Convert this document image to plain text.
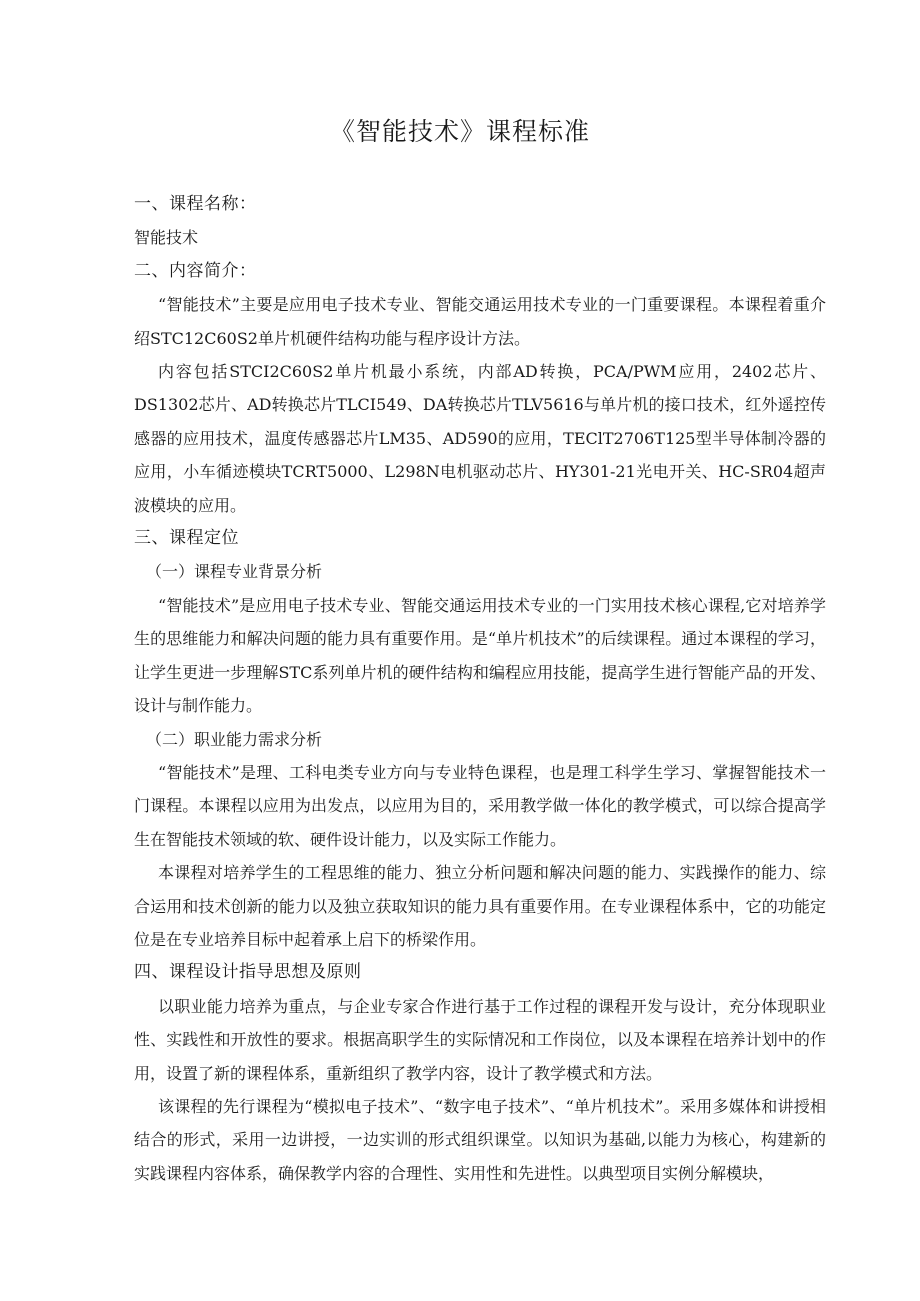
《智能技术》课程标准

一、课程名称：

智能技术

二、内容简介：

“智能技术”主要是应用电子技术专业、智能交通运用技术专业的一门重要课程。本课程着重介绍STC12C60S2单片机硬件结构功能与程序设计方法。

内容包括STCI2C60S2单片机最小系统，内部AD转换，PCA/PWM应用，2402芯片、DS1302芯片、AD转换芯片TLCI549、DA转换芯片TLV5616与单片机的接口技术，红外遥控传感器的应用技术，温度传感器芯片LM35、AD590的应用，TEClT2706T125型半导体制冷器的应用，小车循迹模块TCRT5000、L298N电机驱动芯片、HY301-21光电开关、HC-SR04超声波模块的应用。

三、课程定位

（一）课程专业背景分析

“智能技术”是应用电子技术专业、智能交通运用技术专业的一门实用技术核心课程,它对培养学生的思维能力和解决问题的能力具有重要作用。是“单片机技术”的后续课程。通过本课程的学习，让学生更进一步理解STC系列单片机的硬件结构和编程应用技能，提高学生进行智能产品的开发、设计与制作能力。

（二）职业能力需求分析

“智能技术”是理、工科电类专业方向与专业特色课程，也是理工科学生学习、掌握智能技术一门课程。本课程以应用为出发点，以应用为目的，采用教学做一体化的教学模式，可以综合提高学生在智能技术领域的软、硬件设计能力，以及实际工作能力。

本课程对培养学生的工程思维的能力、独立分析问题和解决问题的能力、实践操作的能力、综合运用和技术创新的能力以及独立获取知识的能力具有重要作用。在专业课程体系中，它的功能定位是在专业培养目标中起着承上启下的桥梁作用。

四、课程设计指导思想及原则

以职业能力培养为重点，与企业专家合作进行基于工作过程的课程开发与设计，充分体现职业性、实践性和开放性的要求。根据高职学生的实际情况和工作岗位，以及本课程在培养计划中的作用，设置了新的课程体系，重新组织了教学内容，设计了教学模式和方法。

该课程的先行课程为“模拟电子技术”、“数字电子技术”、“单片机技术”。采用多媒体和讲授相结合的形式，采用一边讲授，一边实训的形式组织课堂。以知识为基础,以能力为核心，构建新的实践课程内容体系，确保教学内容的合理性、实用性和先进性。以典型项目实例分解模块，
